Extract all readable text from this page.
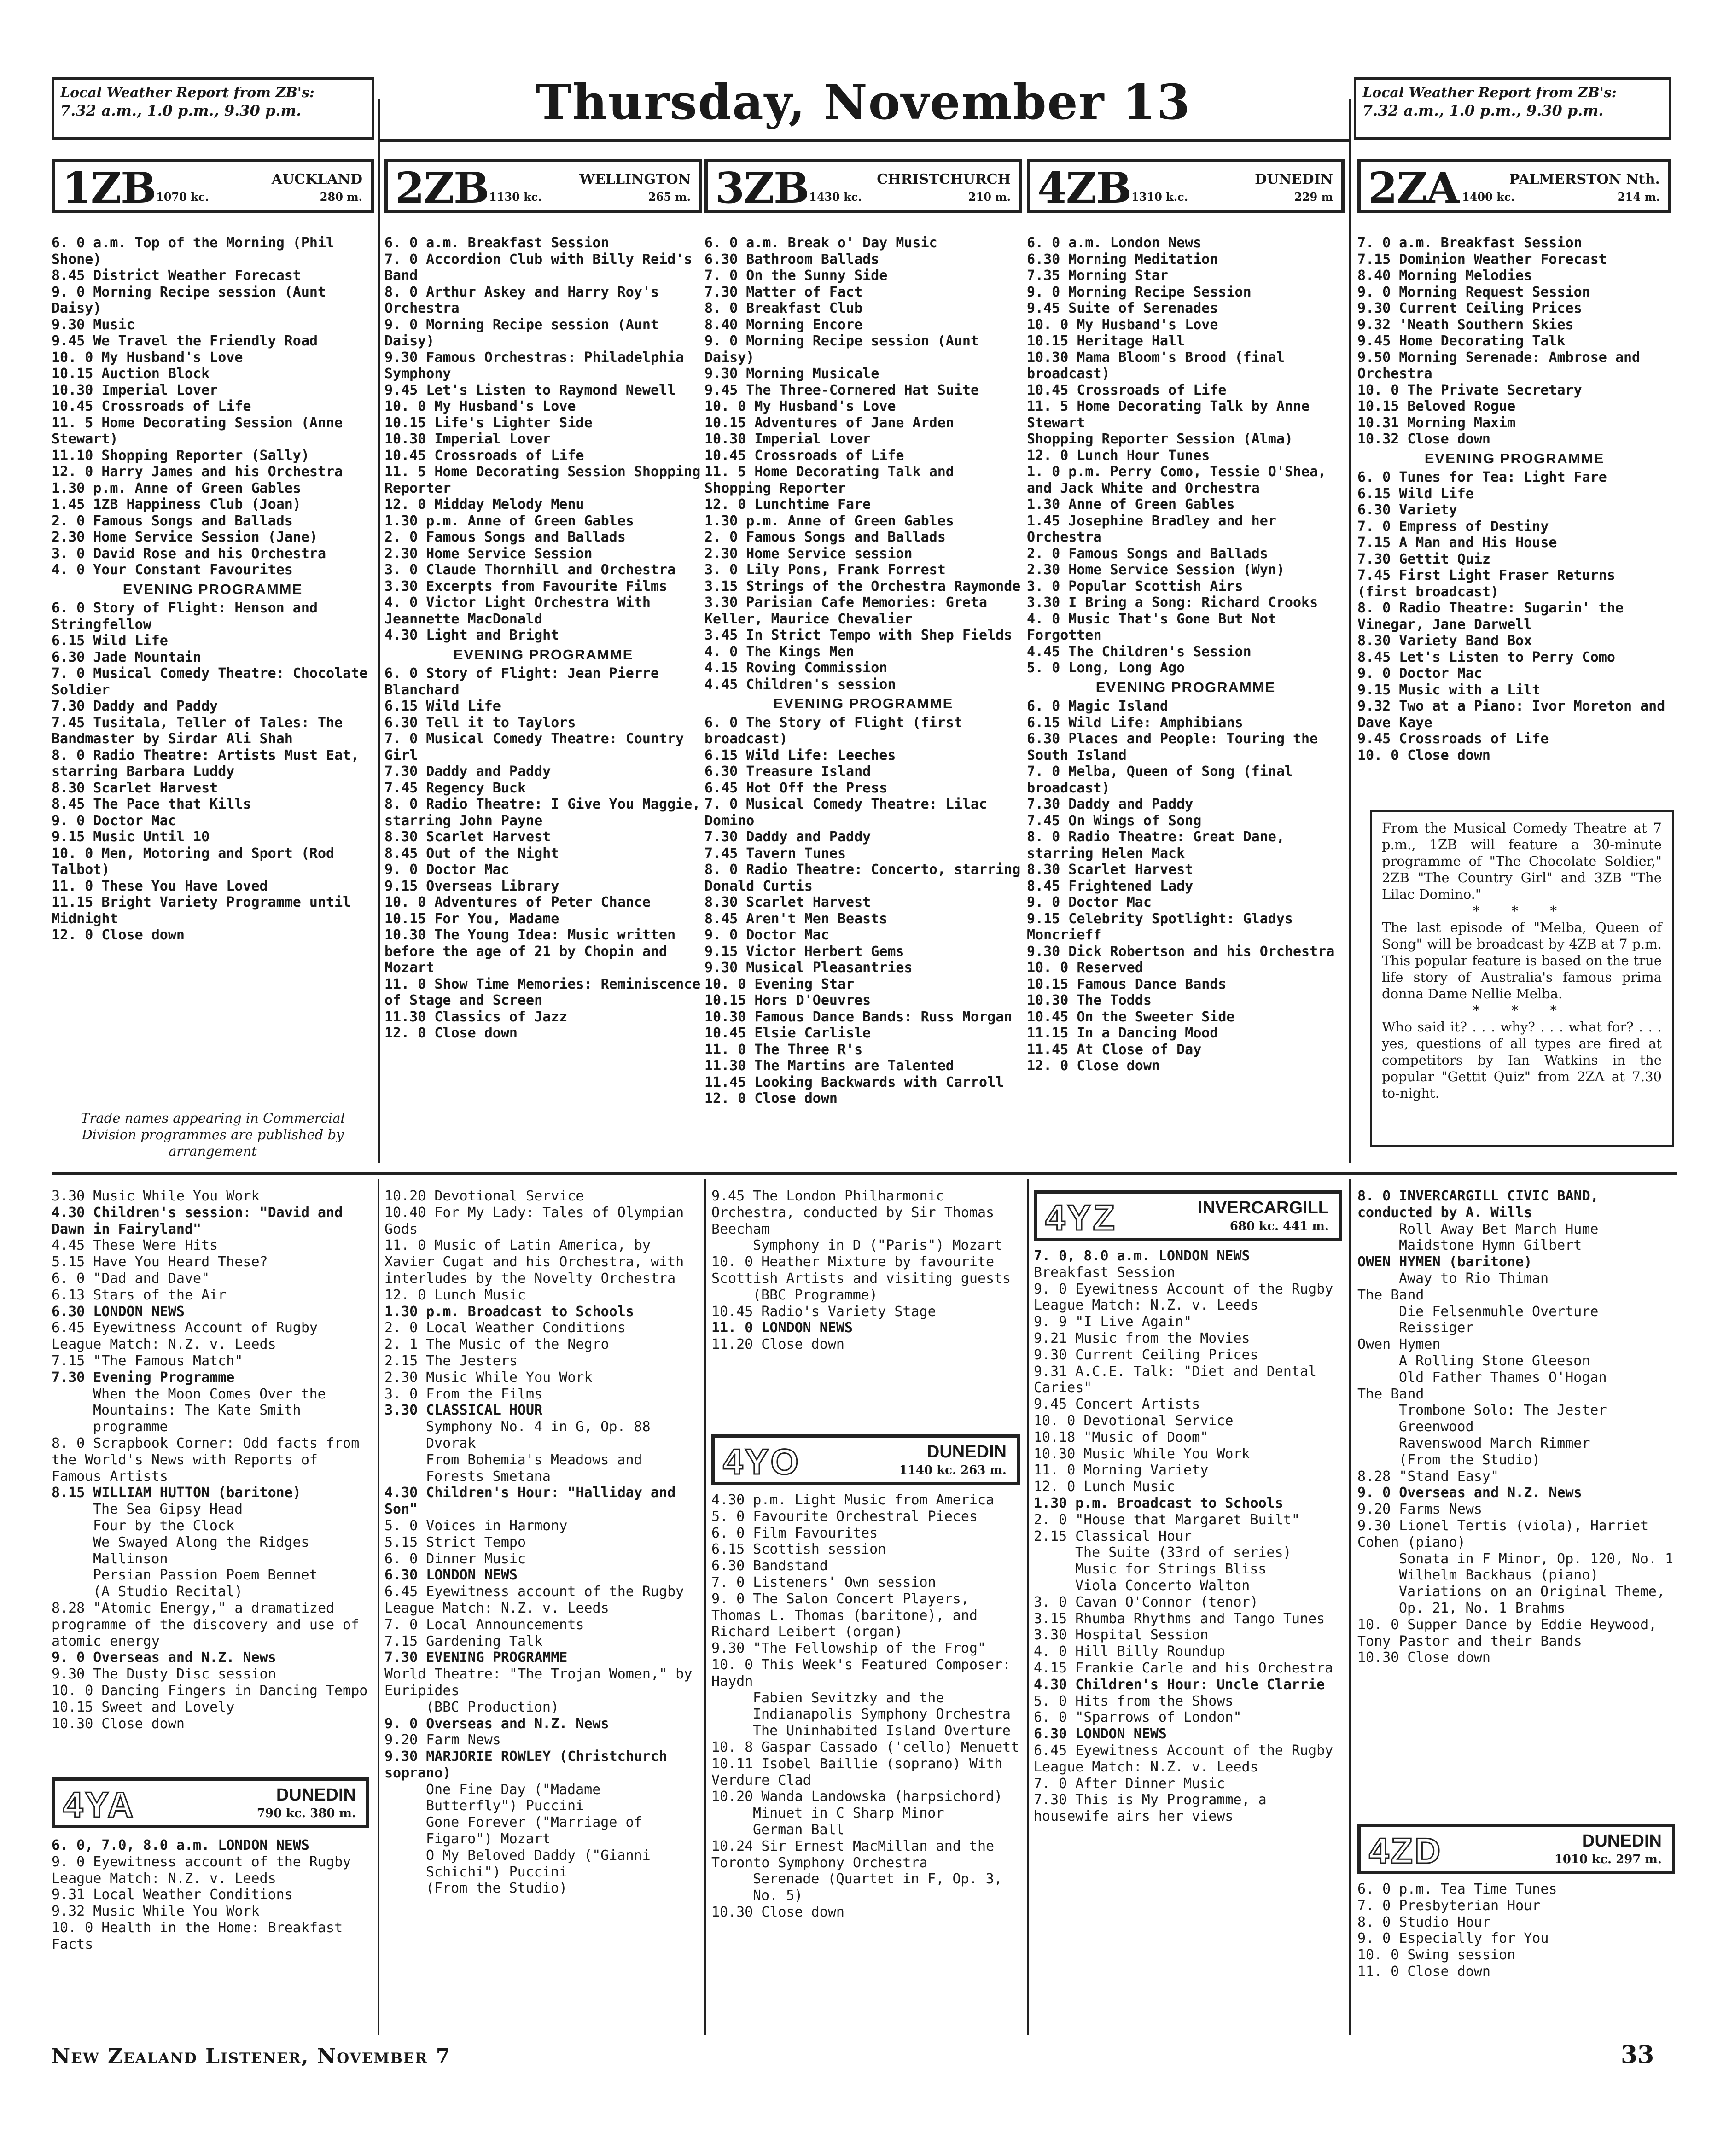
Local Weather Report from ZB's:
7.32 a.m., 1.0 p.m., 9.30 p.m.	Thursday, November 13	Local Weather Report from ZB's:
7.32 a.m., 1.0 p.m., 9.30 p.m.
1ZB	AUCKLAND
1070 kc.	280 m.
6. 0 a.m. Top of the Morning (Phil Shone)
8.45 District Weather Forecast
9. 0 Morning Recipe session (Aunt Daisy)
9.30 Music
9.45 We Travel the Friendly Road
10. 0 My Husband's Love
10.15 Auction Block
10.30 Imperial Lover
10.45 Crossroads of Life
11. 5 Home Decorating Session (Anne Stewart)
11.10 Shopping Reporter (Sally)
12. 0 Harry James and his Orchestra
1.30 p.m. Anne of Green Gables
1.45 1ZB Happiness Club (Joan)
2. 0 Famous Songs and Ballads
2.30 Home Service Session (Jane)
3. 0 David Rose and his Orchestra
4. 0 Your Constant Favourites
EVENING PROGRAMME
6. 0 Story of Flight: Henson and Stringfellow
6.15 Wild Life
6.30 Jade Mountain
7. 0 Musical Comedy Theatre: Chocolate Soldier
7.30 Daddy and Paddy
7.45 Tusitala, Teller of Tales: The Bandmaster by Sirdar Ali Shah
8. 0 Radio Theatre: Artists Must Eat, starring Barbara Luddy
8.30 Scarlet Harvest
8.45 The Pace that Kills
9. 0 Doctor Mac
9.15 Music Until 10
10. 0 Men, Motoring and Sport (Rod Talbot)
11. 0 These You Have Loved
11.15 Bright Variety Programme until Midnight
12. 0 Close down
2ZB	WELLINGTON
1130 kc.	265 m.
6. 0 a.m. Breakfast Session
7. 0 Accordion Club with Billy Reid's Band
8. 0 Arthur Askey and Harry Roy's Orchestra
9. 0 Morning Recipe session (Aunt Daisy)
9.30 Famous Orchestras: Philadelphia Symphony
9.45 Let's Listen to Raymond Newell
10. 0 My Husband's Love
10.15 Life's Lighter Side
10.30 Imperial Lover
10.45 Crossroads of Life
11. 5 Home Decorating Session Shopping Reporter
12. 0 Midday Melody Menu
1.30 p.m. Anne of Green Gables
2. 0 Famous Songs and Ballads
2.30 Home Service Session
3. 0 Claude Thornhill and Orchestra
3.30 Excerpts from Favourite Films
4. 0 Victor Light Orchestra With Jeannette MacDonald
4.30 Light and Bright
EVENING PROGRAMME
6. 0 Story of Flight: Jean Pierre Blanchard
6.15 Wild Life
6.30 Tell it to Taylors
7. 0 Musical Comedy Theatre: Country Girl
7.30 Daddy and Paddy
7.45 Regency Buck
8. 0 Radio Theatre: I Give You Maggie, starring John Payne
8.30 Scarlet Harvest
8.45 Out of the Night
9. 0 Doctor Mac
9.15 Overseas Library
10. 0 Adventures of Peter Chance
10.15 For You, Madame
10.30 The Young Idea: Music written before the age of 21 by Chopin and Mozart
11. 0 Show Time Memories: Reminiscence of Stage and Screen
11.30 Classics of Jazz
12. 0 Close down
3ZB	CHRISTCHURCH
1430 kc.	210 m.
6. 0 a.m. Break o' Day Music
6.30 Bathroom Ballads
7. 0 On the Sunny Side
7.30 Matter of Fact
8. 0 Breakfast Club
8.40 Morning Encore
9. 0 Morning Recipe session (Aunt Daisy)
9.30 Morning Musicale
9.45 The Three-Cornered Hat Suite
10. 0 My Husband's Love
10.15 Adventures of Jane Arden
10.30 Imperial Lover
10.45 Crossroads of Life
11. 5 Home Decorating Talk and Shopping Reporter
12. 0 Lunchtime Fare
1.30 p.m. Anne of Green Gables
2. 0 Famous Songs and Ballads
2.30 Home Service session
3. 0 Lily Pons, Frank Forrest
3.15 Strings of the Orchestra Raymonde
3.30 Parisian Cafe Memories: Greta Keller, Maurice Chevalier
3.45 In Strict Tempo with Shep Fields
4. 0 The Kings Men
4.15 Roving Commission
4.45 Children's session
EVENING PROGRAMME
6. 0 The Story of Flight (first broadcast)
6.15 Wild Life: Leeches
6.30 Treasure Island
6.45 Hot Off the Press
7. 0 Musical Comedy Theatre: Lilac Domino
7.30 Daddy and Paddy
7.45 Tavern Tunes
8. 0 Radio Theatre: Concerto, starring Donald Curtis
8.30 Scarlet Harvest
8.45 Aren't Men Beasts
9. 0 Doctor Mac
9.15 Victor Herbert Gems
9.30 Musical Pleasantries
10. 0 Evening Star
10.15 Hors D'Oeuvres
10.30 Famous Dance Bands: Russ Morgan
10.45 Elsie Carlisle
11. 0 The Three R's
11.30 The Martins are Talented
11.45 Looking Backwards with Carroll
12. 0 Close down
4ZB	DUNEDIN
1310 k.c.	229 m
6. 0 a.m. London News
6.30 Morning Meditation
7.35 Morning Star
9. 0 Morning Recipe Session
9.45 Suite of Serenades
10. 0 My Husband's Love
10.15 Heritage Hall
10.30 Mama Bloom's Brood (final broadcast)
10.45 Crossroads of Life
11. 5 Home Decorating Talk by Anne Stewart
Shopping Reporter Session (Alma)
12. 0 Lunch Hour Tunes
1. 0 p.m. Perry Como, Tessie O'Shea, and Jack White and Orchestra
1.30 Anne of Green Gables
1.45 Josephine Bradley and her Orchestra
2. 0 Famous Songs and Ballads
2.30 Home Service Session (Wyn)
3. 0 Popular Scottish Airs
3.30 I Bring a Song: Richard Crooks
4. 0 Music That's Gone But Not Forgotten
4.45 The Children's Session
5. 0 Long, Long Ago
EVENING PROGRAMME
6. 0 Magic Island
6.15 Wild Life: Amphibians
6.30 Places and People: Touring the South Island
7. 0 Melba, Queen of Song (final broadcast)
7.30 Daddy and Paddy
7.45 On Wings of Song
8. 0 Radio Theatre: Great Dane, starring Helen Mack
8.30 Scarlet Harvest
8.45 Frightened Lady
9. 0 Doctor Mac
9.15 Celebrity Spotlight: Gladys Moncrieff
9.30 Dick Robertson and his Orchestra
10. 0 Reserved
10.15 Famous Dance Bands
10.30 The Todds
10.45 On the Sweeter Side
11.15 In a Dancing Mood
11.45 At Close of Day
12. 0 Close down
2ZA	PALMERSTON Nth.
1400 kc.	214 m.
7. 0 a.m. Breakfast Session
7.15 Dominion Weather Forecast
8.40 Morning Melodies
9. 0 Morning Request Session
9.30 Current Ceiling Prices
9.32 'Neath Southern Skies
9.45 Home Decorating Talk
9.50 Morning Serenade: Ambrose and Orchestra
10. 0 The Private Secretary
10.15 Beloved Rogue
10.31 Morning Maxim
10.32 Close down
EVENING PROGRAMME
6. 0 Tunes for Tea: Light Fare
6.15 Wild Life
6.30 Variety
7. 0 Empress of Destiny
7.15 A Man and His House
7.30 Gettit Quiz
7.45 First Light Fraser Returns (first broadcast)
8. 0 Radio Theatre: Sugarin' the Vinegar, Jane Darwell
8.30 Variety Band Box
8.45 Let's Listen to Perry Como
9. 0 Doctor Mac
9.15 Music with a Lilt
9.32 Two at a Piano: Ivor Moreton and Dave Kaye
9.45 Crossroads of Life
10. 0 Close down
Trade names appearing in Commercial Division programmes are published by arrangement
From the Musical Comedy Theatre at 7 p.m., 1ZB will feature a 30-minute programme of "The Chocolate Soldier," 2ZB "The Country Girl" and 3ZB "The Lilac Domino."
* * *
The last episode of "Melba, Queen of Song" will be broadcast by 4ZB at 7 p.m. This popular feature is based on the true life story of Australia's famous prima donna Dame Nellie Melba.
* * *
Who said it? . . . why? . . . what for? . . . yes, questions of all types are fired at competitors by Ian Watkins in the popular "Gettit Quiz" from 2ZA at 7.30 to-night.
3.30 Music While You Work
4.30 Children's session: "David and Dawn in Fairyland"
4.45 These Were Hits
5.15 Have You Heard These?
6. 0 "Dad and Dave"
6.13 Stars of the Air
6.30 LONDON NEWS
6.45 Eyewitness Account of Rugby League Match: N.Z. v. Leeds
7.15 "The Famous Match"
7.30 Evening Programme
When the Moon Comes Over the Mountains: The Kate Smith programme
8. 0 Scrapbook Corner: Odd facts from the World's News with Reports of Famous Artists
8.15 WILLIAM HUTTON (baritone)
The Sea Gipsy Head
Four by the Clock
We Swayed Along the Ridges Mallinson
Persian Passion Poem Bennet
(A Studio Recital)
8.28 "Atomic Energy," a dramatized programme of the discovery and use of atomic energy
9. 0 Overseas and N.Z. News
9.30 The Dusty Disc session
10. 0 Dancing Fingers in Dancing Tempo
10.15 Sweet and Lovely
10.30 Close down
4YA	DUNEDIN
790 kc. 380 m.
6. 0, 7.0, 8.0 a.m. LONDON NEWS
9. 0 Eyewitness account of the Rugby League Match: N.Z. v. Leeds
9.31 Local Weather Conditions
9.32 Music While You Work
10. 0 Health in the Home: Breakfast Facts
10.20 Devotional Service
10.40 For My Lady: Tales of Olympian Gods
11. 0 Music of Latin America, by Xavier Cugat and his Orchestra, with interludes by the Novelty Orchestra
12. 0 Lunch Music
1.30 p.m. Broadcast to Schools
2. 0 Local Weather Conditions
2. 1 The Music of the Negro
2.15 The Jesters
2.30 Music While You Work
3. 0 From the Films
3.30 CLASSICAL HOUR
Symphony No. 4 in G, Op. 88 Dvorak
From Bohemia's Meadows and Forests Smetana
4.30 Children's Hour: "Halliday and Son"
5. 0 Voices in Harmony
5.15 Strict Tempo
6. 0 Dinner Music
6.30 LONDON NEWS
6.45 Eyewitness account of the Rugby League Match: N.Z. v. Leeds
7. 0 Local Announcements
7.15 Gardening Talk
7.30 EVENING PROGRAMME
World Theatre: "The Trojan Women," by Euripides
(BBC Production)
9. 0 Overseas and N.Z. News
9.20 Farm News
9.30 MARJORIE ROWLEY (Christchurch soprano)
One Fine Day ("Madame Butterfly") Puccini
Gone Forever ("Marriage of Figaro") Mozart
O My Beloved Daddy ("Gianni Schichi") Puccini
(From the Studio)
9.45 The London Philharmonic Orchestra, conducted by Sir Thomas Beecham
Symphony in D ("Paris") Mozart
10. 0 Heather Mixture by favourite Scottish Artists and visiting guests
(BBC Programme)
10.45 Radio's Variety Stage
11. 0 LONDON NEWS
11.20 Close down
4YO	DUNEDIN
1140 kc. 263 m.
4.30 p.m. Light Music from America
5. 0 Favourite Orchestral Pieces
6. 0 Film Favourites
6.15 Scottish session
6.30 Bandstand
7. 0 Listeners' Own session
9. 0 The Salon Concert Players, Thomas L. Thomas (baritone), and Richard Leibert (organ)
9.30 "The Fellowship of the Frog"
10. 0 This Week's Featured Composer: Haydn
Fabien Sevitzky and the Indianapolis Symphony Orchestra
The Uninhabited Island Overture
10. 8 Gaspar Cassado ('cello) Menuett
10.11 Isobel Baillie (soprano) With Verdure Clad
10.20 Wanda Landowska (harpsichord)
Minuet in C Sharp Minor
German Ball
10.24 Sir Ernest MacMillan and the Toronto Symphony Orchestra
Serenade (Quartet in F, Op. 3, No. 5)
10.30 Close down
4YZ	INVERCARGILL
680 kc. 441 m.
7. 0, 8.0 a.m. LONDON NEWS
Breakfast Session
9. 0 Eyewitness Account of the Rugby League Match: N.Z. v. Leeds
9. 9 "I Live Again"
9.21 Music from the Movies
9.30 Current Ceiling Prices
9.31 A.C.E. Talk: "Diet and Dental Caries"
9.45 Concert Artists
10. 0 Devotional Service
10.18 "Music of Doom"
10.30 Music While You Work
11. 0 Morning Variety
12. 0 Lunch Music
1.30 p.m. Broadcast to Schools
2. 0 "House that Margaret Built"
2.15 Classical Hour
The Suite (33rd of series)
Music for Strings Bliss
Viola Concerto Walton
3. 0 Cavan O'Connor (tenor)
3.15 Rhumba Rhythms and Tango Tunes
3.30 Hospital Session
4. 0 Hill Billy Roundup
4.15 Frankie Carle and his Orchestra
4.30 Children's Hour: Uncle Clarrie
5. 0 Hits from the Shows
6. 0 "Sparrows of London"
6.30 LONDON NEWS
6.45 Eyewitness Account of the Rugby League Match: N.Z. v. Leeds
7. 0 After Dinner Music
7.30 This is My Programme, a housewife airs her views
8. 0 INVERCARGILL CIVIC BAND, conducted by A. Wills
Roll Away Bet March Hume
Maidstone Hymn Gilbert
OWEN HYMEN (baritone)
Away to Rio Thiman
The Band
Die Felsenmuhle Overture Reissiger
Owen Hymen
A Rolling Stone Gleeson
Old Father Thames O'Hogan
The Band
Trombone Solo: The Jester Greenwood
Ravenswood March Rimmer
(From the Studio)
8.28 "Stand Easy"
9. 0 Overseas and N.Z. News
9.20 Farms News
9.30 Lionel Tertis (viola), Harriet Cohen (piano)
Sonata in F Minor, Op. 120, No. 1
Wilhelm Backhaus (piano)
Variations on an Original Theme, Op. 21, No. 1 Brahms
10. 0 Supper Dance by Eddie Heywood, Tony Pastor and their Bands
10.30 Close down
4ZD	DUNEDIN
1010 kc. 297 m.
6. 0 p.m. Tea Time Tunes
7. 0 Presbyterian Hour
8. 0 Studio Hour
9. 0 Especially for You
10. 0 Swing session
11. 0 Close down
New Zealand Listener, November 7	33
